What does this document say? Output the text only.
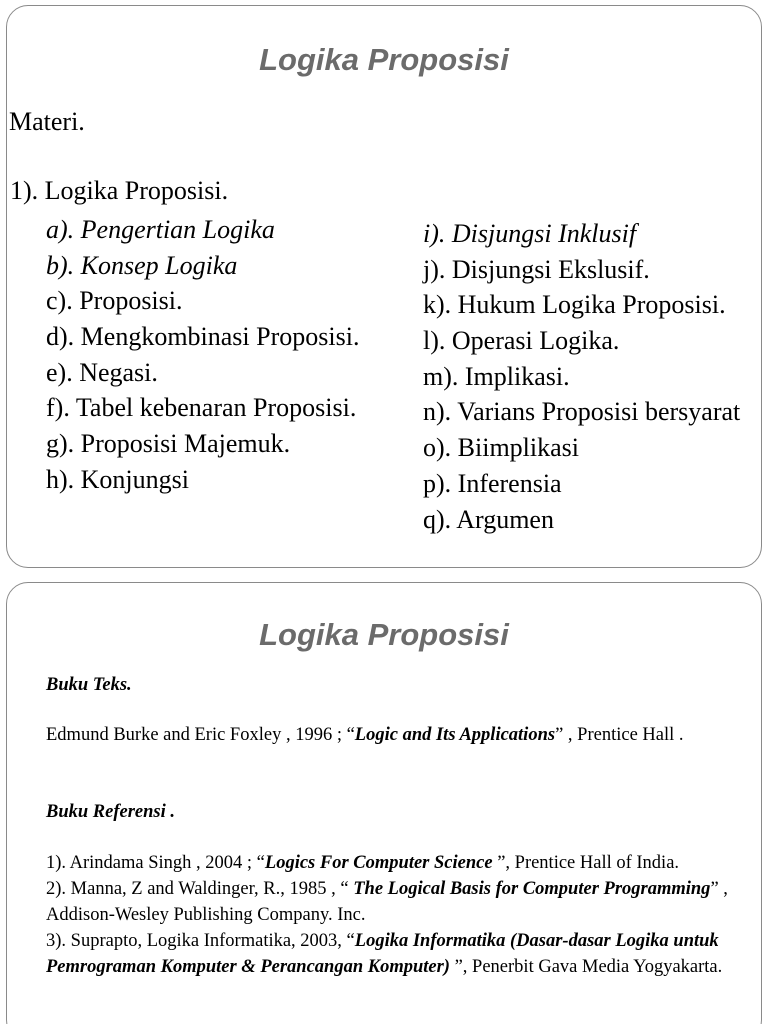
Logika Proposisi
Materi.
1). Logika Proposisi.
a). Pengertian Logika
b). Konsep Logika
c). Proposisi.
d). Mengkombinasi Proposisi.
e). Negasi.
f). Tabel kebenaran Proposisi.
g). Proposisi Majemuk.
h). Konjungsi
i). Disjungsi Inklusif
j). Disjungsi Ekslusif.
k). Hukum Logika Proposisi.
l). Operasi Logika.
m). Implikasi.
n). Varians Proposisi bersyarat
o). Biimplikasi
p). Inferensia
q). Argumen
Logika Proposisi
Buku Teks.
Edmund Burke and Eric Foxley , 1996 ; “Logic and Its Applications” , Prentice Hall .
Buku Referensi .
1). Arindama Singh , 2004 ; “Logics For Computer Science ”, Prentice Hall of India.
2). Manna, Z and Waldinger, R., 1985 , “ The Logical Basis for Computer Programming” , Addison-Wesley Publishing Company. Inc.
3). Suprapto, Logika Informatika, 2003, “Logika Informatika (Dasar-dasar Logika untuk Pemrograman Komputer & Perancangan Komputer) ”, Penerbit Gava Media Yogyakarta.
